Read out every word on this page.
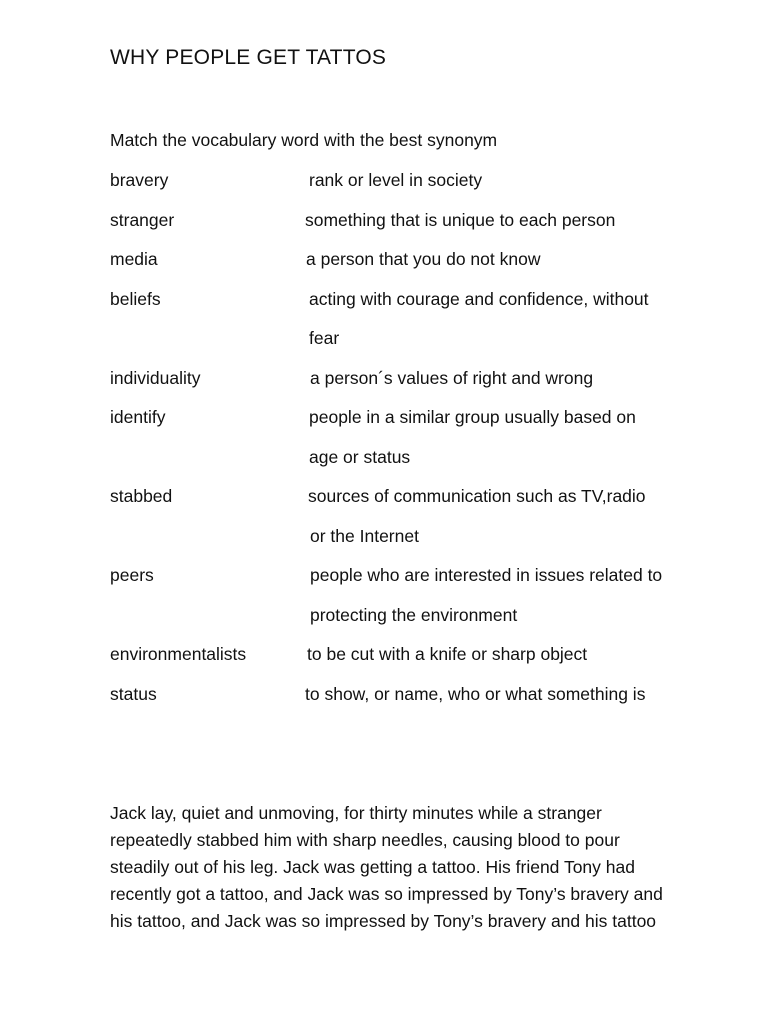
WHY PEOPLE GET TATTOS
Match the vocabulary word with the best synonym
bravery	rank or level in society
stranger	something that is unique to each person
media	a person that you do not know
beliefs	acting with courage and confidence, without
fear
individuality	a person´s values of right and wrong
identify	people in a similar group usually based on
age or status
stabbed	sources of communication such as TV,radio
or the Internet
peers	people who are interested in issues related to
protecting the environment
environmentalists	to be cut with a knife or sharp object
status	to show, or name, who or what something is
Jack lay, quiet and unmoving, for thirty minutes while a stranger
repeatedly stabbed him with sharp needles, causing blood to pour
steadily out of his leg. Jack was getting a tattoo. His friend Tony had
recently got a tattoo, and Jack was so impressed by Tony’s bravery and
his tattoo, and Jack was so impressed by Tony’s bravery and his tattoo
